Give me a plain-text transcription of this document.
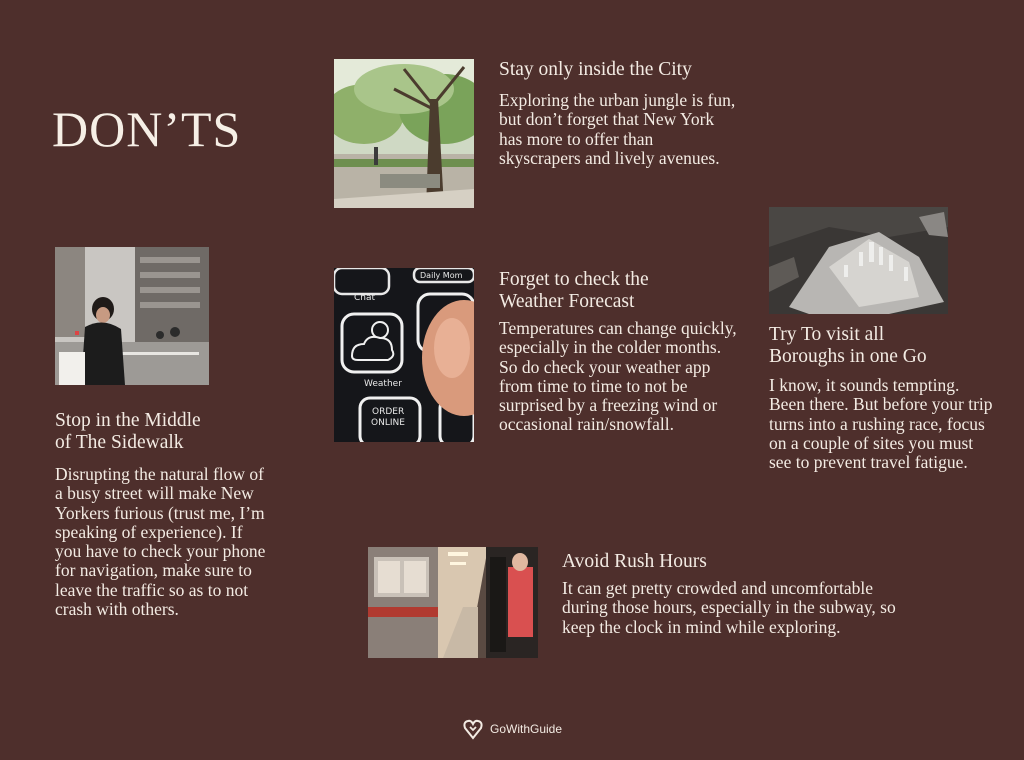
DON’TS
Stay only inside the City

Exploring the urban jungle is fun, but don’t forget that New York has more to offer than skyscrapers and lively avenues.

Stop in the Middle
of The Sidewalk

Disrupting the natural flow of a busy street will make New Yorkers furious (trust me, I’m speaking of experience). If you have to check your phone for navigation, make sure to leave the traffic so as to not crash with others.

Chat
Daily Mom
Weather
ORDER
ONLINE
Forget to check the
Weather Forecast

Temperatures can change quickly, especially in the colder months. So do check your weather app from time to time to not be surprised by a freezing wind or occasional rain/snowfall.

Try To visit all
Boroughs in one Go

I know, it sounds tempting. Been there. But before your trip turns into a rushing race, focus on a couple of sites you must see to prevent travel fatigue.

Avoid Rush Hours

It can get pretty crowded and uncomfortable during those hours, especially in the subway, so keep the clock in mind while exploring.

GoWithGuide
